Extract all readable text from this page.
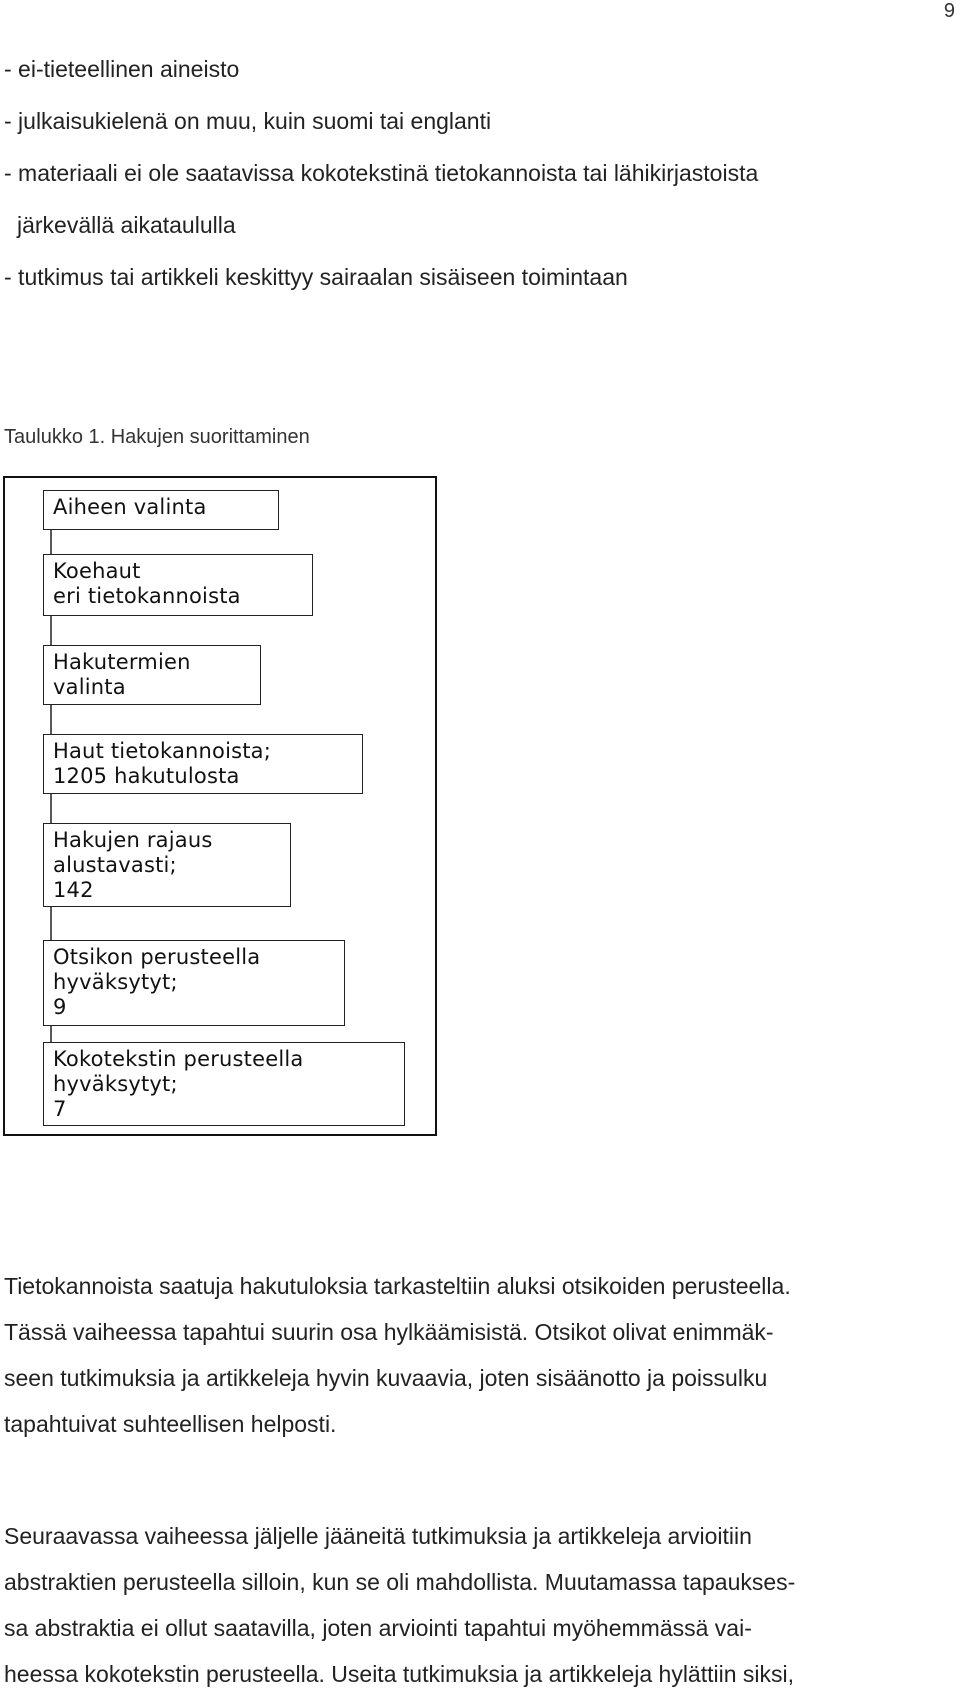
9
- ei-tieteellinen aineisto
- julkaisukielenä on muu, kuin suomi tai englanti
- materiaali ei ole saatavissa kokotekstinä tietokannoista tai lähikirjastoista
järkevällä aikataululla
- tutkimus tai artikkeli keskittyy sairaalan sisäiseen toimintaan
Taulukko 1. Hakujen suorittaminen
Aiheen valinta
Koehaut
eri tietokannoista
Hakutermien
valinta
Haut tietokannoista;
1205 hakutulosta
Hakujen rajaus
alustavasti;
142
Otsikon perusteella
hyväksytyt;
9
Kokotekstin perusteella
hyväksytyt;
7
Tietokannoista saatuja hakutuloksia tarkasteltiin aluksi otsikoiden perusteella.
Tässä vaiheessa tapahtui suurin osa hylkäämisistä. Otsikot olivat enimmäk-
seen tutkimuksia ja artikkeleja hyvin kuvaavia, joten sisäänotto ja poissulku
tapahtuivat suhteellisen helposti.
Seuraavassa vaiheessa jäljelle jääneitä tutkimuksia ja artikkeleja arvioitiin
abstraktien perusteella silloin, kun se oli mahdollista. Muutamassa tapaukses-
sa abstraktia ei ollut saatavilla, joten arviointi tapahtui myöhemmässä vai-
heessa kokotekstin perusteella. Useita tutkimuksia ja artikkeleja hylättiin siksi,
